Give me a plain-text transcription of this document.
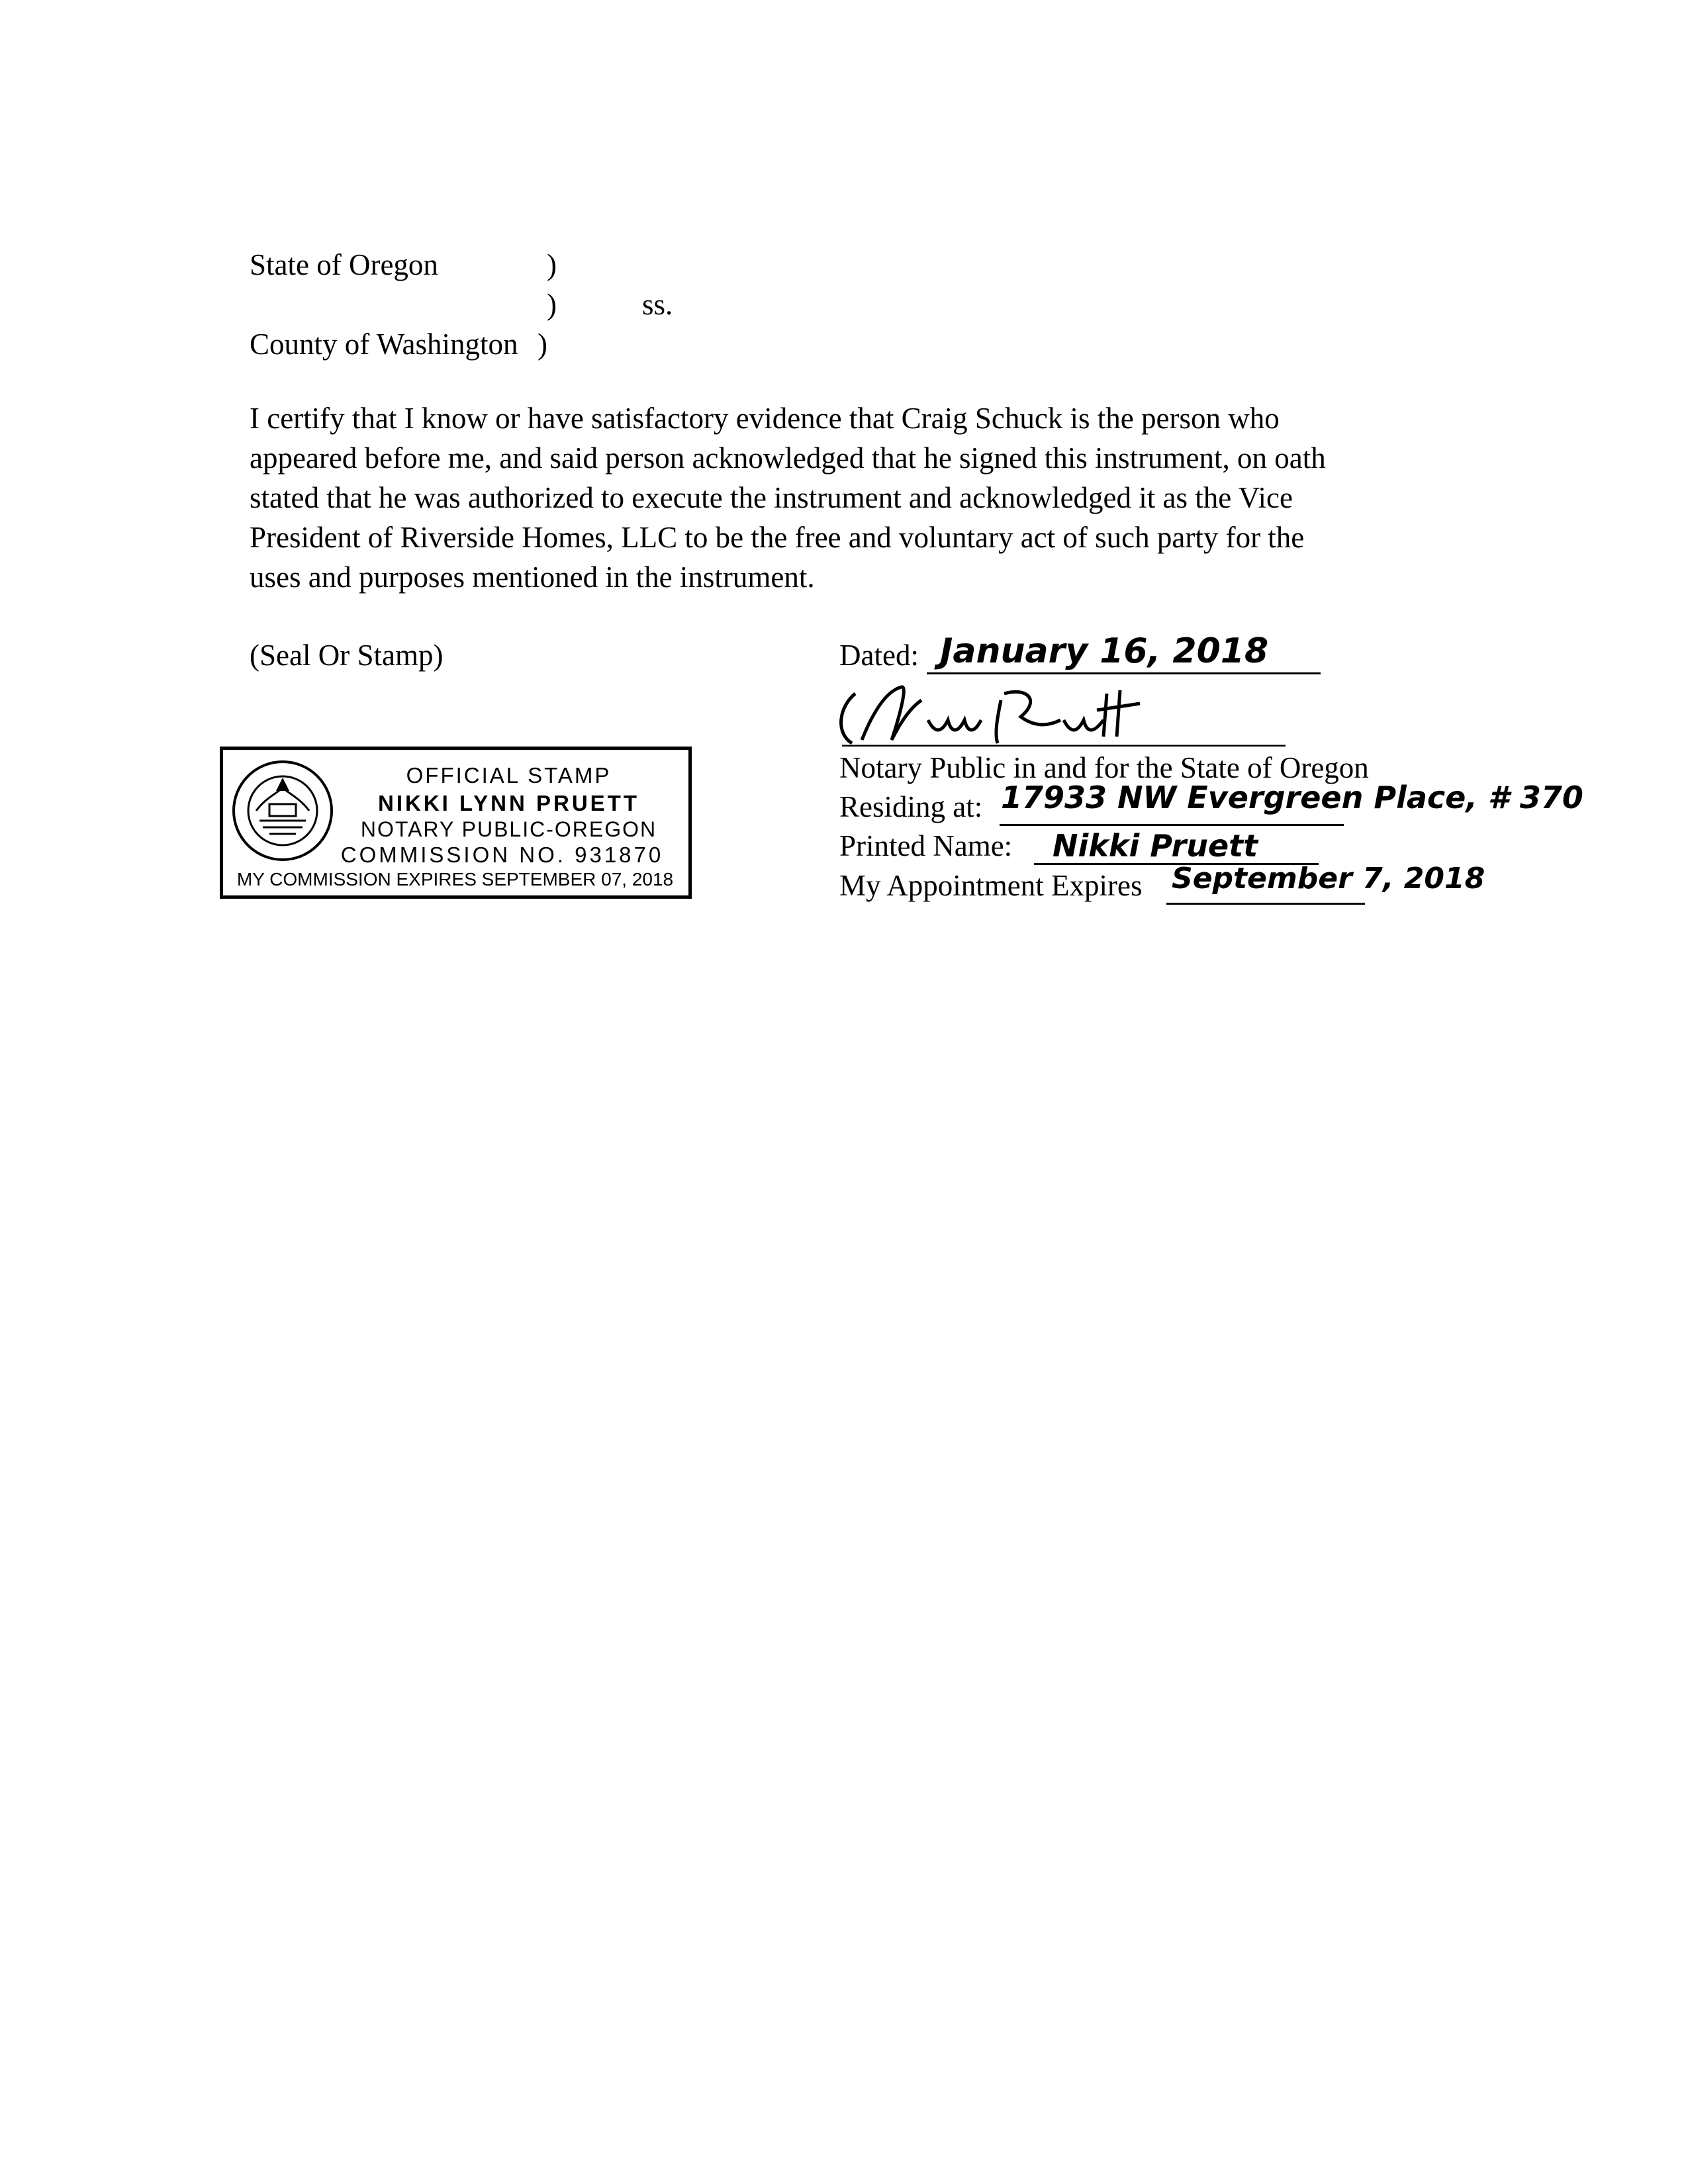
State of Oregon	)
)	ss.
County of Washington )
I certify that I know or have satisfactory evidence that Craig Schuck is the person who
appeared before me, and said person acknowledged that he signed this instrument, on oath
stated that he was authorized to execute the instrument and acknowledged it as the Vice
President of Riverside Homes, LLC to be the free and voluntary act of such party for the
uses and purposes mentioned in the instrument.
(Seal Or Stamp)	Dated: January 16, 2018
Notary Public in and for the State of Oregon
Residing at: 17933 NW Evergreen Place, # 370
Printed Name: Nikki Pruett
My Appointment Expires September 7, 2018
OFFICIAL STAMP
NIKKI LYNN PRUETT
NOTARY PUBLIC-OREGON
COMMISSION NO. 931870
MY COMMISSION EXPIRES SEPTEMBER 07, 2018
